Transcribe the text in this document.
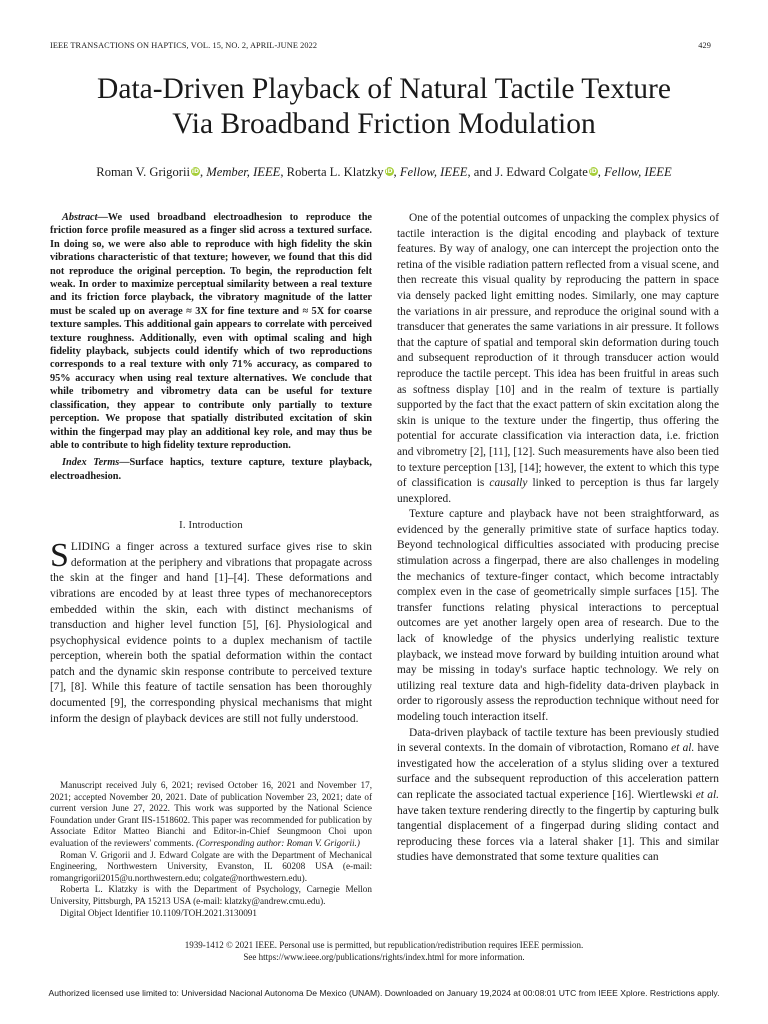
IEEE TRANSACTIONS ON HAPTICS, VOL. 15, NO. 2, APRIL-JUNE 2022	429
Data-Driven Playback of Natural Tactile Texture
Via Broadband Friction Modulation
Roman V. Grigorii iD, Member, IEEE, Roberta L. Klatzky iD, Fellow, IEEE, and J. Edward Colgate iD, Fellow, IEEE

Abstract—We used broadband electroadhesion to reproduce the friction force profile measured as a finger slid across a textured surface. In doing so, we were also able to reproduce with high fidelity the skin vibrations characteristic of that texture; however, we found that this did not reproduce the original perception. To begin, the reproduction felt weak. In order to maximize perceptual similarity between a real texture and its friction force playback, the vibratory magnitude of the latter must be scaled up on average ≈ 3X for fine texture and ≈ 5X for coarse texture samples. This additional gain appears to correlate with perceived texture roughness. Additionally, even with optimal scaling and high fidelity playback, subjects could identify which of two reproductions corresponds to a real texture with only 71% accuracy, as compared to 95% accuracy when using real texture alternatives. We conclude that while tribometry and vibrometry data can be useful for texture classification, they appear to contribute only partially to texture perception. We propose that spatially distributed excitation of skin within the fingerpad may play an additional key role, and may thus be able to contribute to high fidelity texture reproduction.

Index Terms—Surface haptics, texture capture, texture playback, electroadhesion.

I. Introduction

SLIDING a finger across a textured surface gives rise to skin deformation at the periphery and vibrations that propagate across the skin at the finger and hand [1]–[4]. These deformations and vibrations are encoded by at least three types of mechanoreceptors embedded within the skin, each with distinct mechanisms of transduction and higher level function [5], [6]. Physiological and psychophysical evidence points to a duplex mechanism of tactile perception, wherein both the spatial deformation within the contact patch and the dynamic skin response contribute to perceived texture [7], [8]. While this feature of tactile sensation has been thoroughly documented [9], the corresponding physical mechanisms that might inform the design of playback devices are still not fully understood.

Manuscript received July 6, 2021; revised October 16, 2021 and November 17, 2021; accepted November 20, 2021. Date of publication November 23, 2021; date of current version June 27, 2022. This work was supported by the National Science Foundation under Grant IIS-1518602. This paper was recommended for publication by Associate Editor Matteo Bianchi and Editor-in-Chief Seungmoon Choi upon evaluation of the reviewers' comments. (Corresponding author: Roman V. Grigorii.)

Roman V. Grigorii and J. Edward Colgate are with the Department of Mechanical Engineering, Northwestern University, Evanston, IL 60208 USA (e-mail: romangrigorii2015@u.northwestern.edu; colgate@northwestern.edu).

Roberta L. Klatzky is with the Department of Psychology, Carnegie Mellon University, Pittsburgh, PA 15213 USA (e-mail: klatzky@andrew.cmu.edu).

Digital Object Identifier 10.1109/TOH.2021.3130091

One of the potential outcomes of unpacking the complex physics of tactile interaction is the digital encoding and playback of texture features. By way of analogy, one can intercept the projection onto the retina of the visible radiation pattern reflected from a visual scene, and then recreate this visual quality by reproducing the pattern in space via densely packed light emitting nodes. Similarly, one may capture the variations in air pressure, and reproduce the original sound with a transducer that generates the same variations in air pressure. It follows that the capture of spatial and temporal skin deformation during touch and subsequent reproduction of it through transducer action would reproduce the tactile percept. This idea has been fruitful in areas such as softness display [10] and in the realm of texture is partially supported by the fact that the exact pattern of skin excitation along the skin is unique to the texture under the fingertip, thus offering the potential for accurate classification via interaction data, i.e. friction and vibrometry [2], [11], [12]. Such measurements have also been tied to texture perception [13], [14]; however, the extent to which this type of classification is causally linked to perception is thus far largely unexplored.

Texture capture and playback have not been straightforward, as evidenced by the generally primitive state of surface haptics today. Beyond technological difficulties associated with producing precise stimulation across a fingerpad, there are also challenges in modeling the mechanics of texture-finger contact, which become intractably complex even in the case of geometrically simple surfaces [15]. The transfer functions relating physical interactions to perceptual outcomes are yet another largely open area of research. Due to the lack of knowledge of the physics underlying realistic texture playback, we instead move forward by building intuition around what may be missing in today's surface haptic technology. We rely on utilizing real texture data and high-fidelity data-driven playback in order to rigorously assess the reproduction technique without need for modeling touch interaction itself.

Data-driven playback of tactile texture has been previously studied in several contexts. In the domain of vibrotaction, Romano et al. have investigated how the acceleration of a stylus sliding over a textured surface and the subsequent reproduction of this acceleration pattern can replicate the associated tactual experience [16]. Wiertlewski et al. have taken texture rendering directly to the fingertip by capturing bulk tangential displacement of a fingerpad during sliding contact and reproducing these forces via a lateral shaker [1]. This and similar studies have demonstrated that some texture qualities can

1939-1412 © 2021 IEEE. Personal use is permitted, but republication/redistribution requires IEEE permission.
See https://www.ieee.org/publications/rights/index.html for more information.
Authorized licensed use limited to: Universidad Nacional Autonoma De Mexico (UNAM). Downloaded on January 19,2024 at 00:08:01 UTC from IEEE Xplore. Restrictions apply.
